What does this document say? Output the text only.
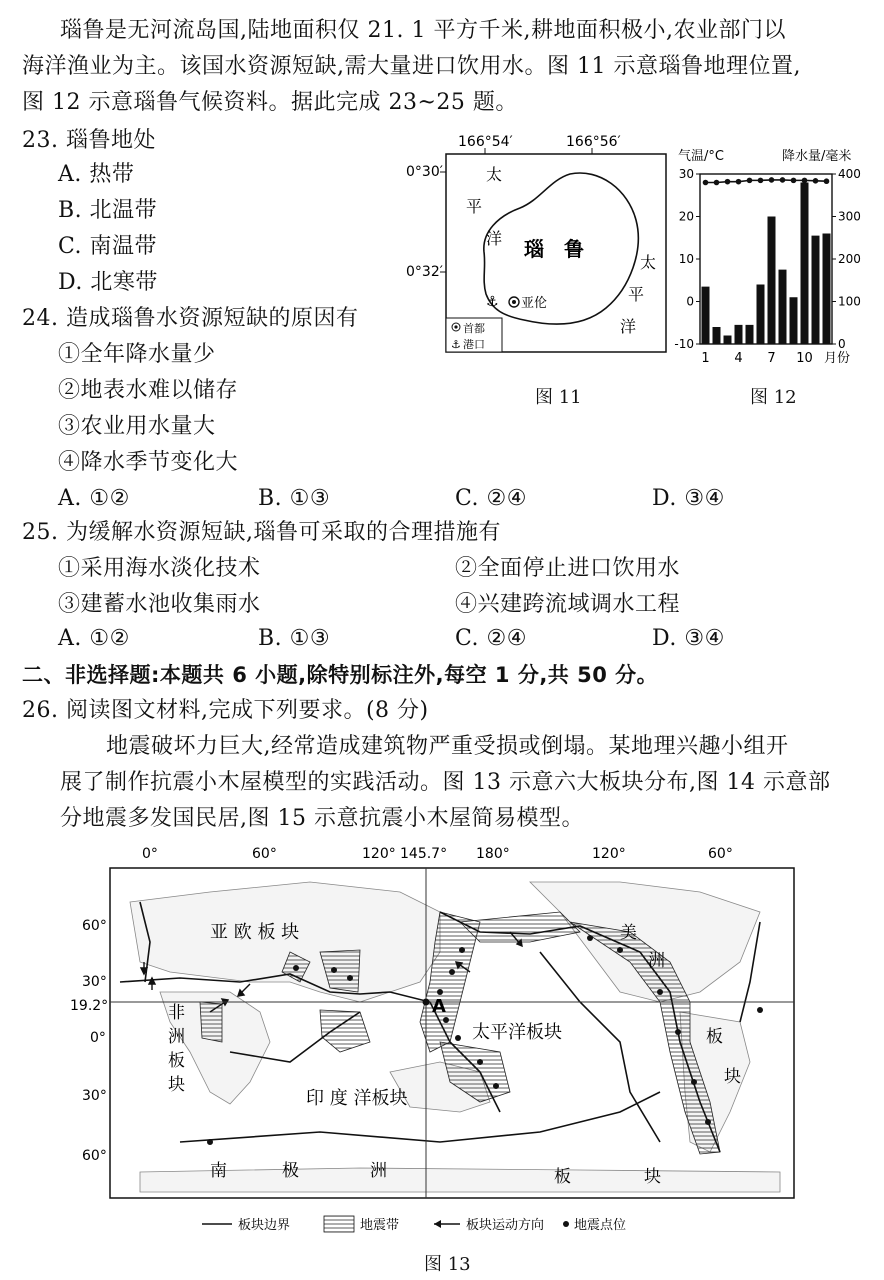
瑙鲁是无河流岛国,陆地面积仅 21. 1 平方千米,耕地面积极小,农业部门以
海洋渔业为主。该国水资源短缺,需大量进口饮用水。图 11 示意瑙鲁地理位置,
图 12 示意瑙鲁气候资料。据此完成 23~25 题。
23. 瑙鲁地处
A. 热带
B. 北温带
C. 南温带
D. 北寒带
24. 造成瑙鲁水资源短缺的原因有
①全年降水量少
②地表水难以储存
③农业用水量大
④降水季节变化大
A. ①②	B. ①③	C. ②④	D. ③④
25. 为缓解水资源短缺,瑙鲁可采取的合理措施有
①采用海水淡化技术	②全面停止进口饮用水
③建蓄水池收集雨水	④兴建跨流域调水工程
A. ①②	B. ①③	C. ②④	D. ③④
二、非选择题:本题共 6 小题,除特别标注外,每空 1 分,共 50 分。
26. 阅读图文材料,完成下列要求。(8 分)
地震破坏力巨大,经常造成建筑物严重受损或倒塌。某地理兴趣小组开
展了制作抗震小木屋模型的实践活动。图 13 示意六大板块分布,图 14 示意部
分地震多发国民居,图 15 示意抗震小木屋简易模型。
166°54′	166°56′
0°30′
0°32′
太
平
洋
太
平
洋
瑙　鲁
⚓ 亚伦
首都
⚓ 港口
图 11
气温/°C	降水量/毫米
30
20
10
0
-10
400
300
200
100
0
1 4 7 10 月份
图 12
0°	60°	120° 145.7° 180°	120°	60°
60°
30°
19.2°
0°
30°
60°
A
亚 欧 板 块
非
洲
板
块
太平洋板块
印 度 洋板块
美
洲
板
块
南	极	洲	板	块
板块边界	地震带	板块运动方向 地震点位
图 13
